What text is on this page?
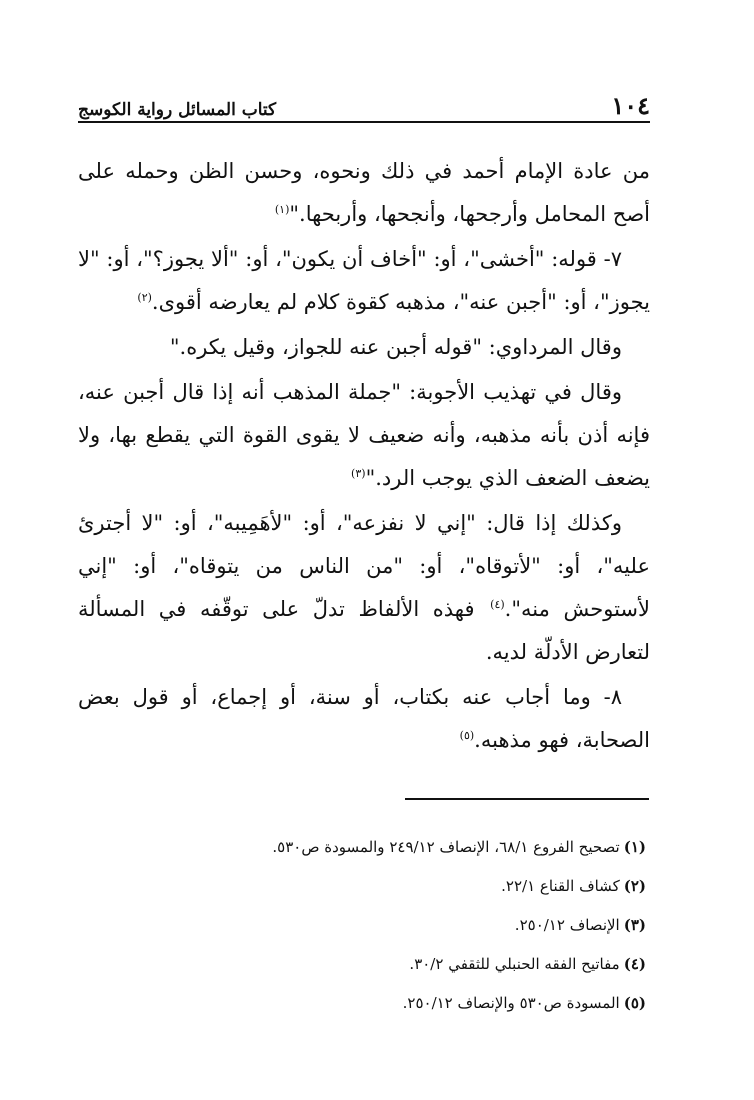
١٠٤
كتاب المسائل رواية الكوسج

من عادة الإمام أحمد في ذلك ونحوه، وحسن الظن وحمله على أصح المحامل وأرجحها، وأنجحها، وأربحها."$^{(١)}$

٧- قوله: "أخشى"، أو: "أخاف أن يكون"، أو: "ألا يجوز؟"، أو: "لا يجوز"، أو: "أجبن عنه"، مذهبه كقوة كلام لم يعارضه أقوى.$^{(٢)}$

وقال المرداوي: "قوله أجبن عنه للجواز، وقيل يكره."

وقال في تهذيب الأجوبة: "جملة المذهب أنه إذا قال أجبن عنه، فإنه أذن بأنه مذهبه، وأنه ضعيف لا يقوى القوة التي يقطع بها، ولا يضعف الضعف الذي يوجب الرد."$^{(٣)}$

وكذلك إذا قال: "إني لا نفزعه"، أو: "لأهَمِيبه"، أو: "لا أجترئ عليه"، أو: "لأتوقاه"، أو: "من الناس من يتوقاه"، أو: "إني لأستوحش منه".$^{(٤)}$ فهذه الألفاظ تدلّ على توقّفه في المسألة لتعارض الأدلّة لديه.

٨- وما أجاب عنه بكتاب، أو سنة، أو إجماع، أو قول بعض الصحابة، فهو مذهبه.$^{(٥)}$

(١)
تصحيح الفروع ٦٨/١، الإنصاف ٢٤٩/١٢ والمسودة ص٥٣٠.
(٢)
كشاف القناع ٢٢/١.
(٣)
الإنصاف ٢٥٠/١٢.
(٤)
مفاتيح الفقه الحنبلي للثقفي ٣٠/٢.
(٥)
المسودة ص٥٣٠ والإنصاف ٢٥٠/١٢.
